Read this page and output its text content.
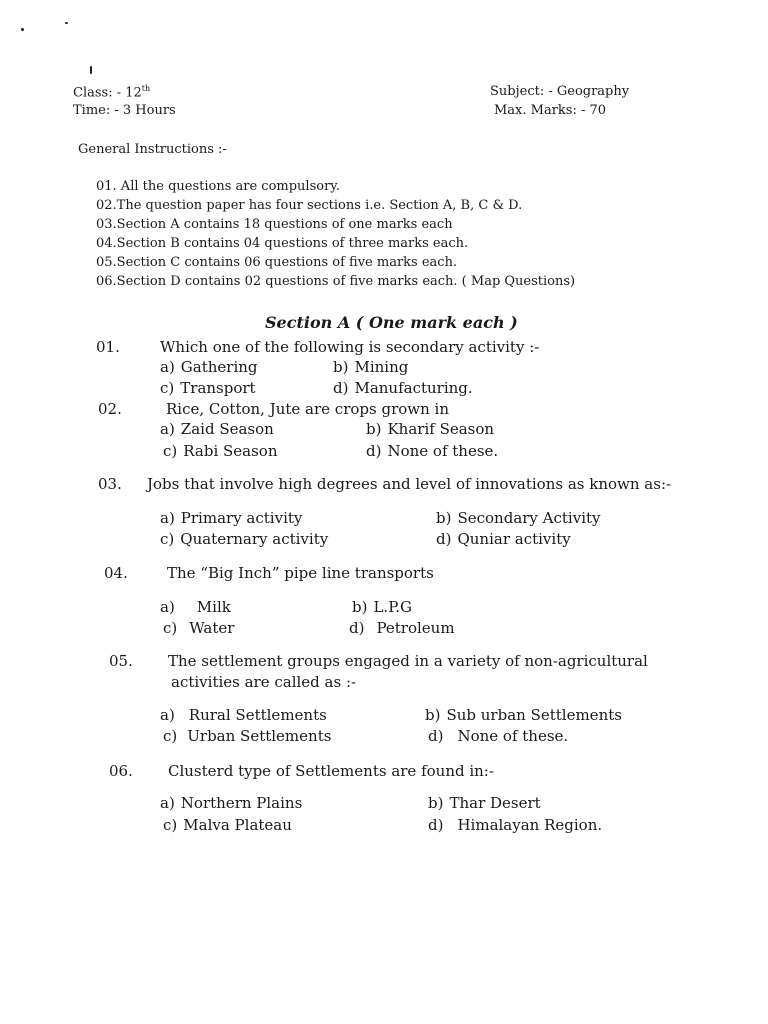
Class: - 12th
Time: - 3 Hours
Subject: - Geography
Max. Marks: - 70
General Instructions :-
01. All the questions are compulsory.
02.The question paper has four sections i.e. Section A, B, C & D.
03.Section A contains 18 questions of one marks each
04.Section B contains 04 questions of three marks each.
05.Section C contains 06 questions of five marks each.
06.Section D contains 02 questions of five marks each. ( Map Questions)
Section A ( One mark each )
01.	Which one of the following is secondary activity :-
a) Gathering	b) Mining
c) Transport	d) Manufacturing.
02.	Rice, Cotton, Jute are crops grown in
a) Zaid Season	b) Kharif Season
c) Rabi Season	d) None of these.
03. Jobs that involve high degrees and level of innovations as known as:-
a) Primary activity	b) Secondary Activity
c) Quaternary activity	d) Quniar activity
04.	The “Big Inch” pipe line transports
a) Milk	b) L.P.G
c) Water	d) Petroleum
05. The settlement groups engaged in a variety of non-agricultural
activities are called as :-
a) Rural Settlements	b) Sub urban Settlements
c) Urban Settlements	d) None of these.
06. Clusterd type of Settlements are found in:-
a) Northern Plains	b) Thar Desert
c) Malva Plateau	d) Himalayan Region.
